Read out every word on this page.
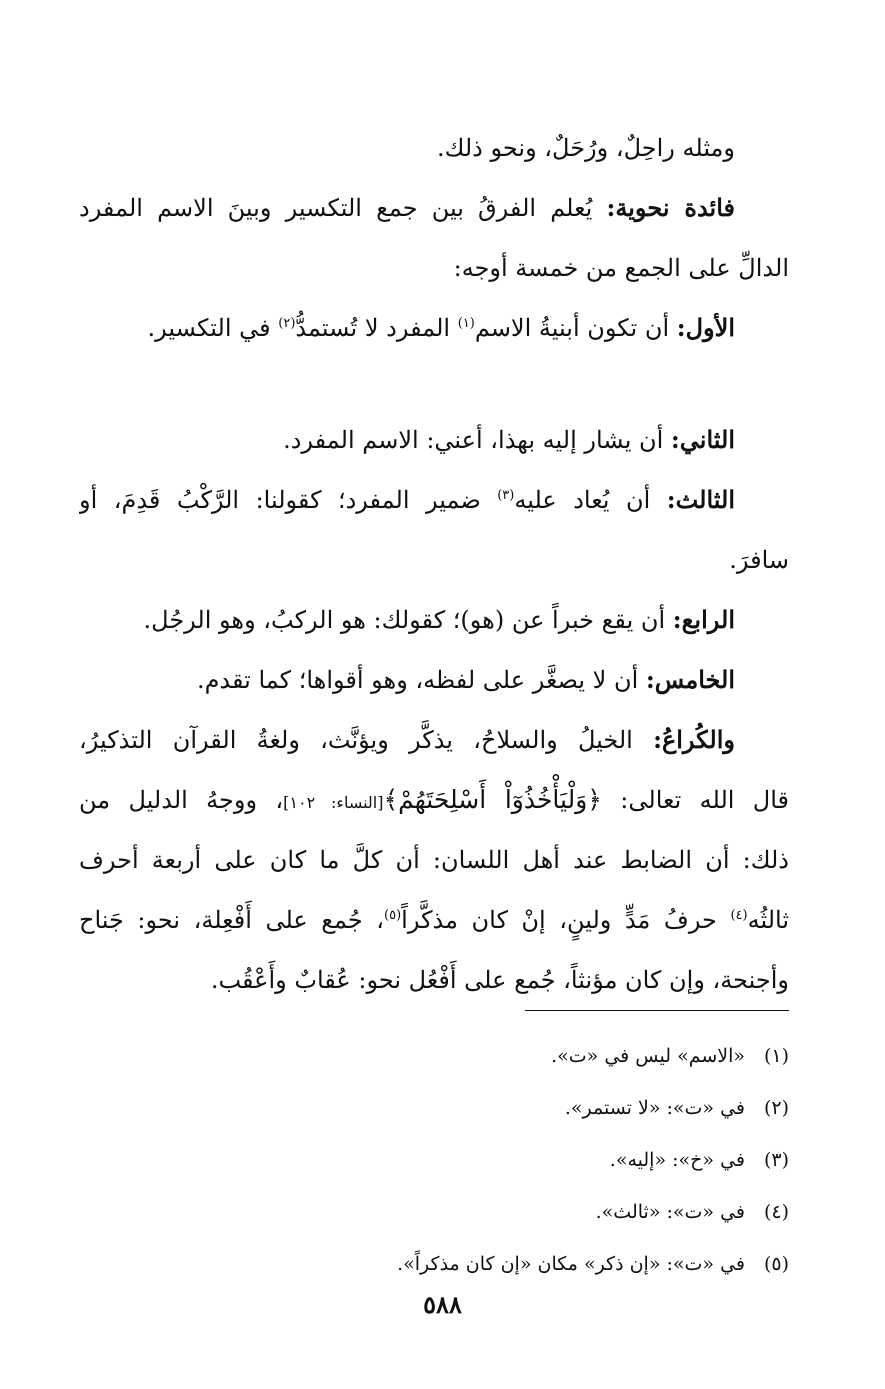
ومثله راحِلٌ، ورُحَلٌ، ونحو ذلك.
فائدة نحوية: يُعلم الفرقُ بين جمع التكسير وبينَ الاسم المفرد
الدالِّ على الجمع من خمسة أوجه:
الأول: أن تكون أبنيةُ الاسم$^{(١)}$ المفرد لا تُستمدُّ$^{(٢)}$ في التكسير.
الثاني: أن يشار إليه بهذا، أعني: الاسم المفرد.
الثالث: أن يُعاد عليه$^{(٣)}$ ضمير المفرد؛ كقولنا: الرَّكْبُ قَدِمَ، أو
سافرَ.
الرابع: أن يقع خبراً عن (هو)؛ كقولك: هو الركبُ، وهو الرجُل.
الخامس: أن لا يصغَّر على لفظه، وهو أقواها؛ كما تقدم.
والكُراعُ: الخيلُ والسلاحُ، يذكَّر ويؤنَّث، ولغةُ القرآن التذكيرُ،
قال الله تعالى: ﴿وَلْيَأْخُذُوٓاْ أَسْلِحَتَهُمْ﴾[النساء: ١٠٢]، ووجهُ الدليل من
ذلك: أن الضابط عند أهل اللسان: أن كلَّ ما كان على أربعة أحرف
ثالثُه$^{(٤)}$ حرفُ مَدٍّ ولينٍ، إنْ كان مذكَّراً$^{(٥)}$، جُمع على أَفْعِلة، نحو: جَناح
وأجنحة، وإن كان مؤنثاً، جُمع على أَفْعُل نحو: عُقابٌ وأَعْقُب.
(١)«الاسم» ليس في «ت».
(٢)في «ت»: «لا تستمر».
(٣)في «خ»: «إليه».
(٤)في «ت»: «ثالث».
(٥)في «ت»: «إن ذكر» مكان «إن كان مذكراً».
٥٨٨
